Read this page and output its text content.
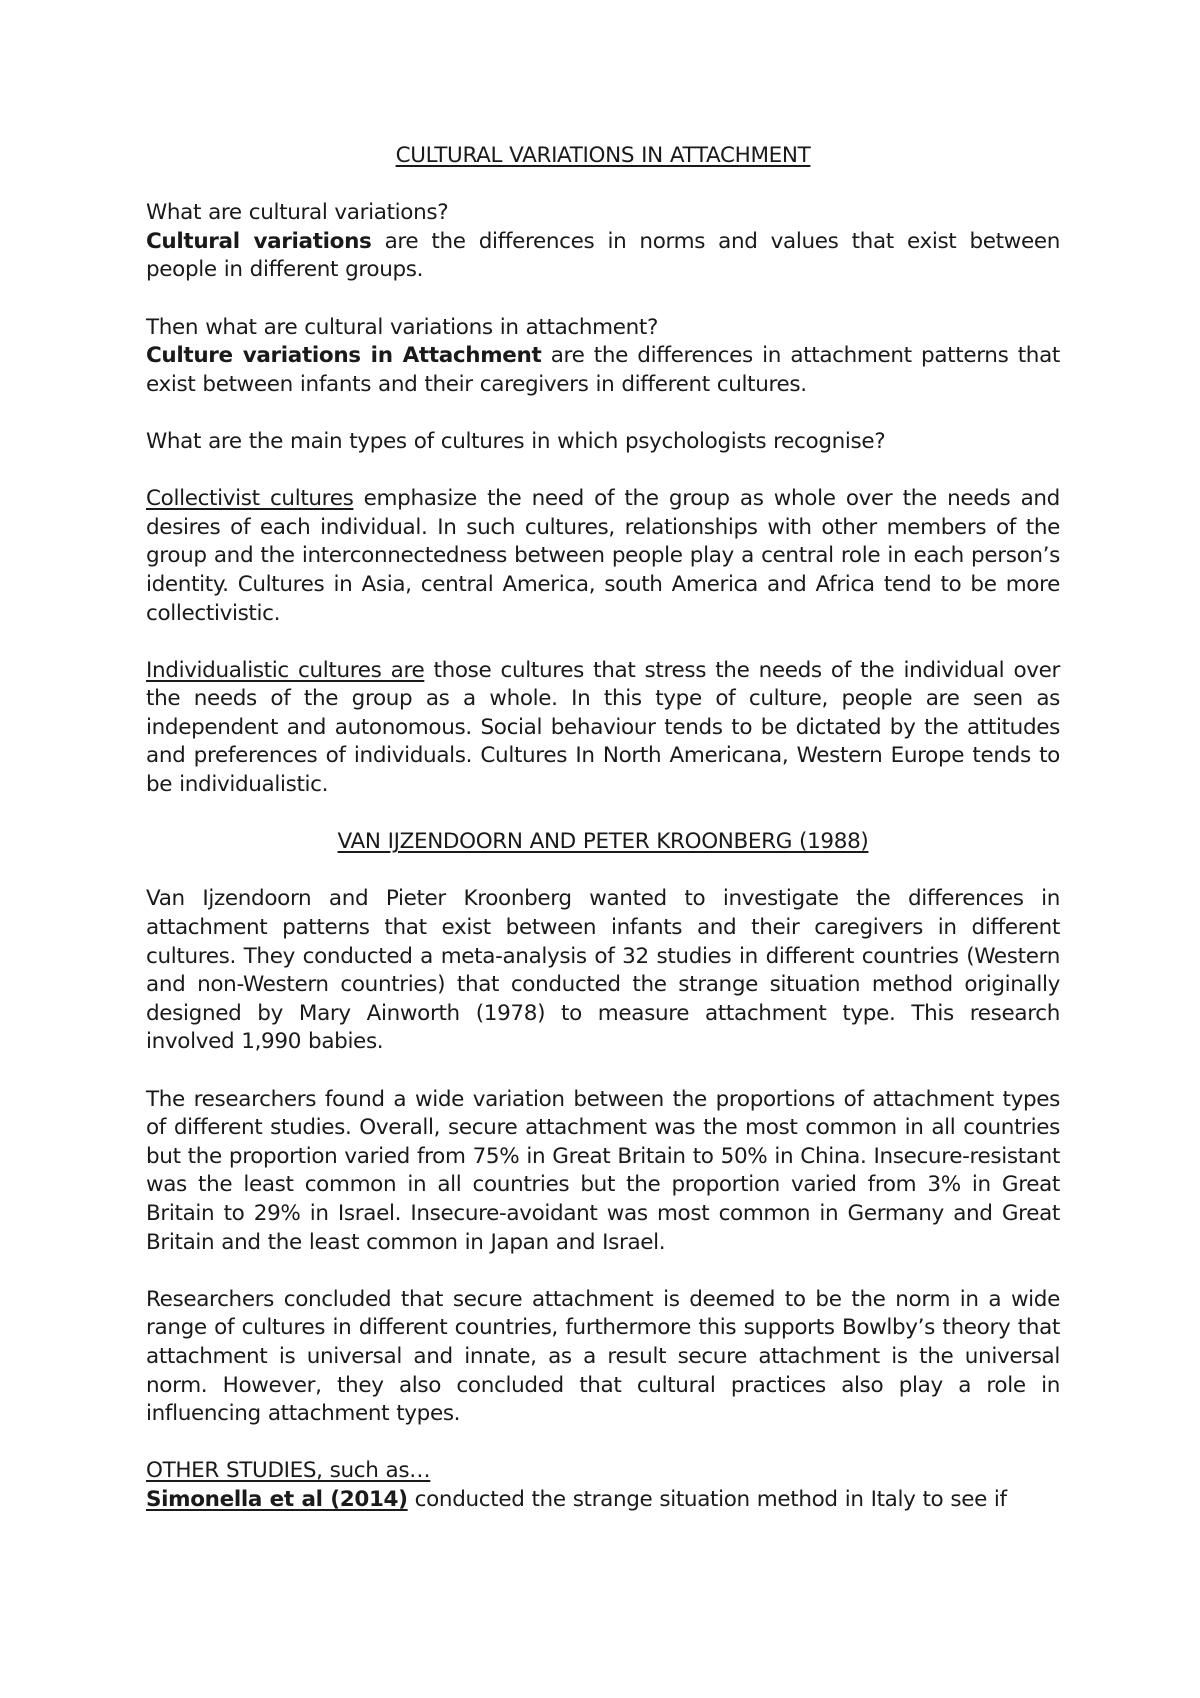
CULTURAL VARIATIONS IN ATTACHMENT

What are cultural variations?

Cultural variations are the differences in norms and values that exist between people in different groups.

Then what are cultural variations in attachment?

Culture variations in Attachment are the differences in attachment patterns that exist between infants and their caregivers in different cultures.

What are the main types of cultures in which psychologists recognise?

Collectivist cultures emphasize the need of the group as whole over the needs and desires of each individual. In such cultures, relationships with other members of the group and the interconnectedness between people play a central role in each person’s identity. Cultures in Asia, central America, south America and Africa tend to be more collectivistic.

Individualistic cultures are those cultures that stress the needs of the individual over the needs of the group as a whole. In this type of culture, people are seen as independent and autonomous. Social behaviour tends to be dictated by the attitudes and preferences of individuals. Cultures In North Americana, Western Europe tends to be individualistic.

VAN IJZENDOORN AND PETER KROONBERG (1988)

Van Ijzendoorn and Pieter Kroonberg wanted to investigate the differences in attachment patterns that exist between infants and their caregivers in different cultures. They conducted a meta-analysis of 32 studies in different countries (Western and non-Western countries) that conducted the strange situation method originally designed by Mary Ainworth (1978) to measure attachment type. This research involved 1,990 babies.

The researchers found a wide variation between the proportions of attachment types of different studies. Overall, secure attachment was the most common in all countries but the proportion varied from 75% in Great Britain to 50% in China. Insecure-resistant was the least common in all countries but the proportion varied from 3% in Great Britain to 29% in Israel. Insecure-avoidant was most common in Germany and Great Britain and the least common in Japan and Israel.

Researchers concluded that secure attachment is deemed to be the norm in a wide range of cultures in different countries, furthermore this supports Bowlby’s theory that attachment is universal and innate, as a result secure attachment is the universal norm. However, they also concluded that cultural practices also play a role in influencing attachment types.

OTHER STUDIES, such as…

Simonella et al (2014) conducted the strange situation method in Italy to see if
